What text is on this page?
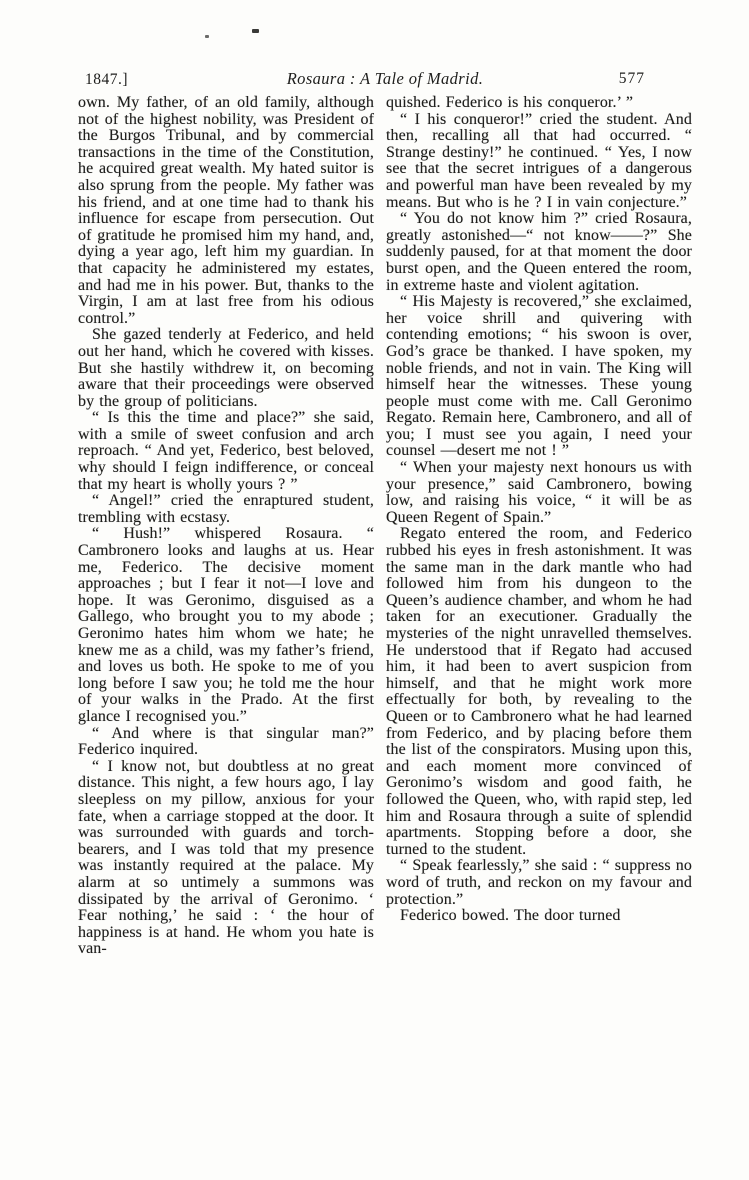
1847.]	Rosaura : A Tale of Madrid.	577

own. My father, of an old family, although not of the highest nobility, was President of the Burgos Tribunal, and by commercial transactions in the time of the Constitution, he acquired great wealth. My hated suitor is also sprung from the people. My father was his friend, and at one time had to thank his influence for escape from persecution. Out of gratitude he promised him my hand, and, dying a year ago, left him my guardian. In that capacity he administered my estates, and had me in his power. But, thanks to the Virgin, I am at last free from his odious control.”

She gazed tenderly at Federico, and held out her hand, which he covered with kisses. But she hastily withdrew it, on becoming aware that their proceedings were observed by the group of politicians.

“ Is this the time and place?” she said, with a smile of sweet confusion and arch reproach. “ And yet, Federico, best beloved, why should I feign indifference, or conceal that my heart is wholly yours ? ”

“ Angel!” cried the enraptured student, trembling with ecstasy.

“ Hush!” whispered Rosaura. “ Cambronero looks and laughs at us. Hear me, Federico. The decisive moment approaches ; but I fear it not—I love and hope. It was Geronimo, disguised as a Gallego, who brought you to my abode ; Geronimo hates him whom we hate; he knew me as a child, was my father’s friend, and loves us both. He spoke to me of you long before I saw you; he told me the hour of your walks in the Prado. At the first glance I recognised you.”

“ And where is that singular man?” Federico inquired.

“ I know not, but doubtless at no great distance. This night, a few hours ago, I lay sleepless on my pillow, anxious for your fate, when a carriage stopped at the door. It was surrounded with guards and torch-bearers, and I was told that my presence was instantly required at the palace. My alarm at so untimely a summons was dissipated by the arrival of Geronimo. ‘ Fear nothing,’ he said : ‘ the hour of happiness is at hand. He whom you hate is van-

quished. Federico is his conqueror.’ ”

“ I his conqueror!” cried the student. And then, recalling all that had occurred. “ Strange destiny!” he continued. “ Yes, I now see that the secret intrigues of a dangerous and powerful man have been revealed by my means. But who is he ? I in vain conjecture.”

“ You do not know him ?” cried Rosaura, greatly astonished—“ not know——?” She suddenly paused, for at that moment the door burst open, and the Queen entered the room, in extreme haste and violent agitation.

“ His Majesty is recovered,” she exclaimed, her voice shrill and quivering with contending emotions; “ his swoon is over, God’s grace be thanked. I have spoken, my noble friends, and not in vain. The King will himself hear the witnesses. These young people must come with me. Call Geronimo Regato. Remain here, Cambronero, and all of you; I must see you again, I need your counsel —desert me not ! ”

“ When your majesty next honours us with your presence,” said Cambronero, bowing low, and raising his voice, “ it will be as Queen Regent of Spain.”

Regato entered the room, and Federico rubbed his eyes in fresh astonishment. It was the same man in the dark mantle who had followed him from his dungeon to the Queen’s audience chamber, and whom he had taken for an executioner. Gradually the mysteries of the night unravelled themselves. He understood that if Regato had accused him, it had been to avert suspicion from himself, and that he might work more effectually for both, by revealing to the Queen or to Cambronero what he had learned from Federico, and by placing before them the list of the conspirators. Musing upon this, and each moment more convinced of Geronimo’s wisdom and good faith, he followed the Queen, who, with rapid step, led him and Rosaura through a suite of splendid apartments. Stopping before a door, she turned to the student.

“ Speak fearlessly,” she said : “ suppress no word of truth, and reckon on my favour and protection.”

Federico bowed. The door turned
